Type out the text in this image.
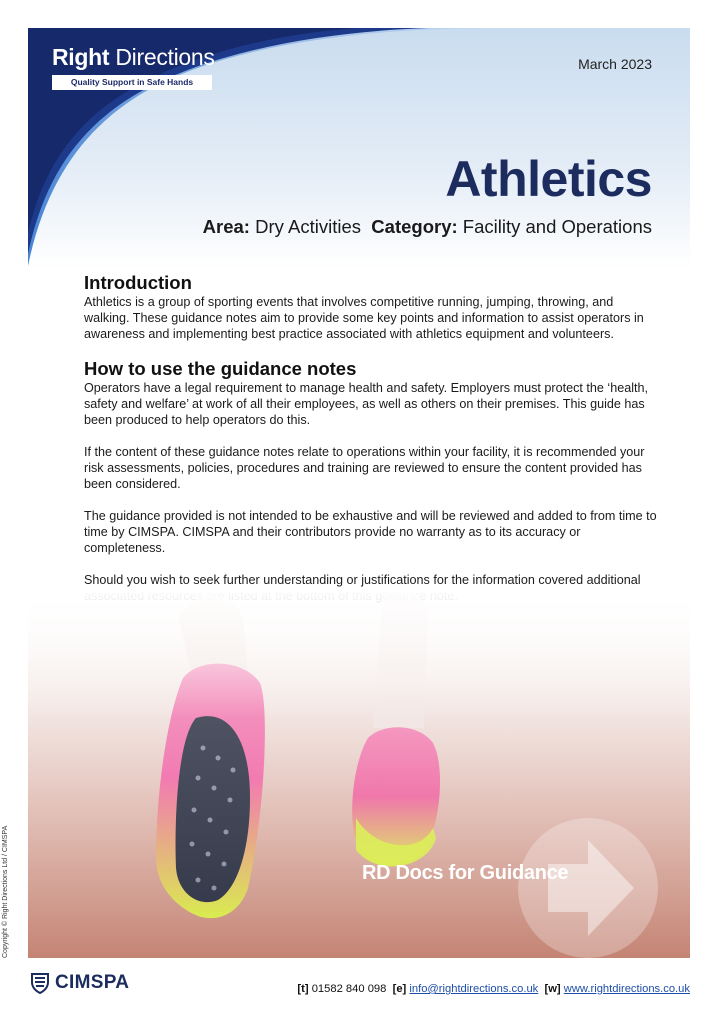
Right Directions
Quality Support in Safe Hands
March 2023
Athletics
Area: Dry Activities Category: Facility and Operations
Introduction

Athletics is a group of sporting events that involves competitive running, jumping, throwing, and walking. These guidance notes aim to provide some key points and information to assist operators in awareness and implementing best practice associated with athletics equipment and volunteers.

How to use the guidance notes

Operators have a legal requirement to manage health and safety. Employers must protect the ‘health, safety and welfare’ at work of all their employees, as well as others on their premises. This guide has been produced to help operators do this.

If the content of these guidance notes relate to operations within your facility, it is recommended your risk assessments, policies, procedures and training are reviewed to ensure the content provided has been considered.

The guidance provided is not intended to be exhaustive and will be reviewed and added to from time to time by CIMSPA. CIMSPA and their contributors provide no warranty as to its accuracy or completeness.

Should you wish to seek further understanding or justifications for the information covered additional

RD Docs for Guidance
Copyright © Right Directions Ltd / CIMSPA
CIMSPA	[t] 01582 840 098 [e] info@rightdirections.co.uk [w] www.rightdirections.co.uk
